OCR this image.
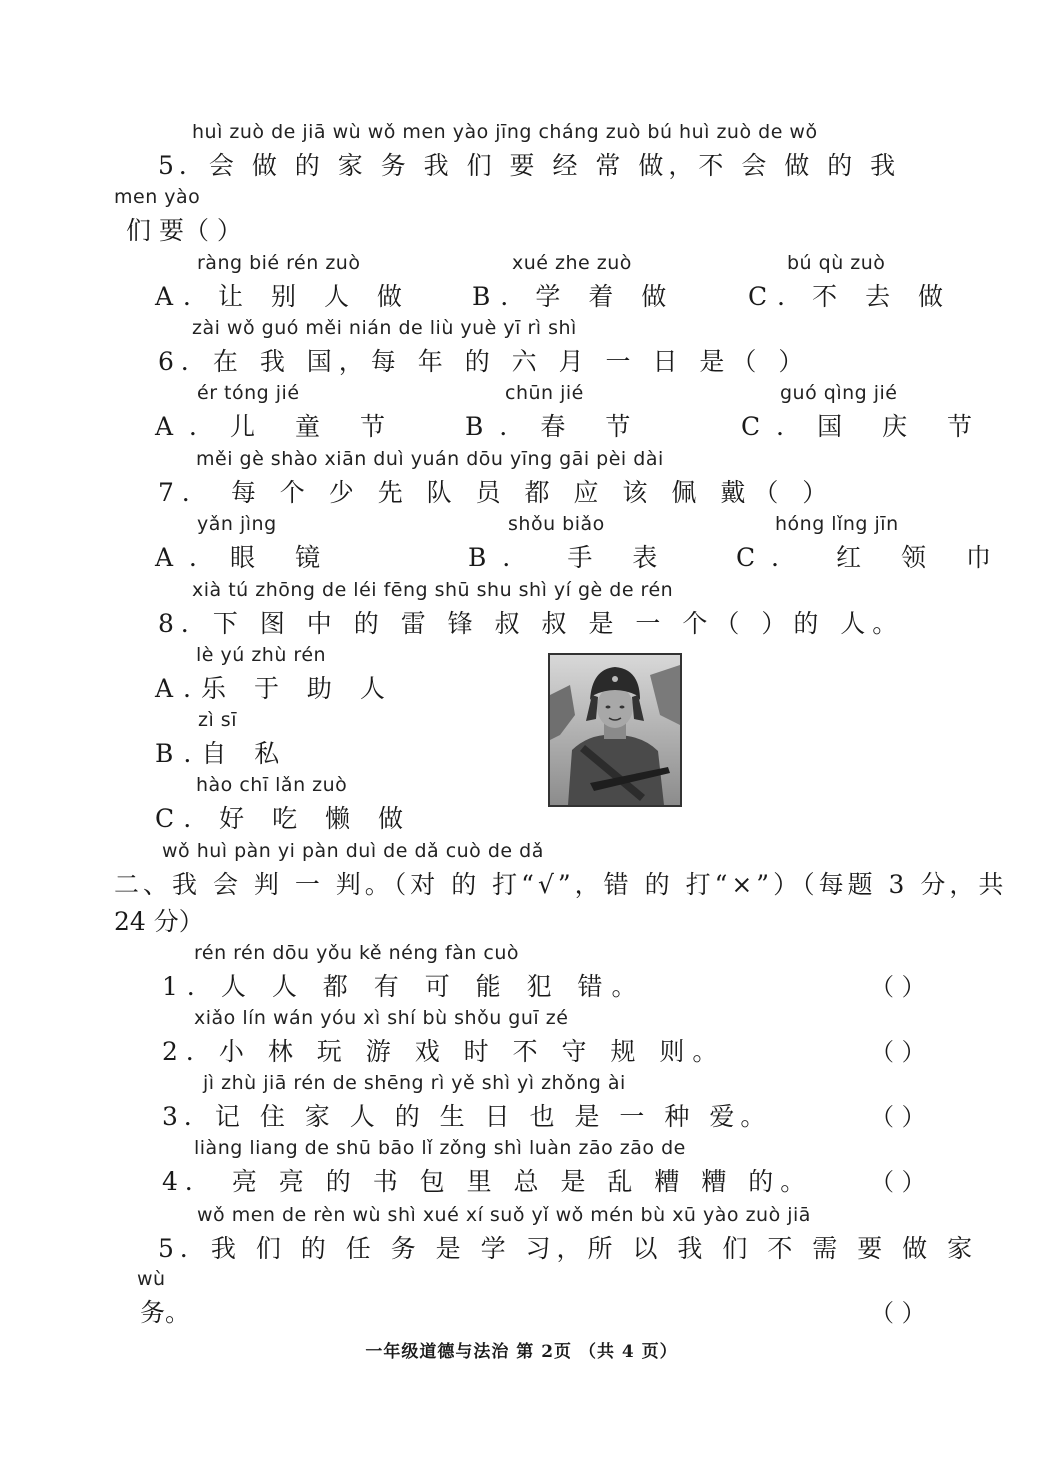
huì zuò de jiā wù wǒ men yào jīng cháng zuò bú huì zuò de wǒ
5．会 做 的 家 务 我 们 要 经 常 做，不 会 做 的 我
men yào
们 要（ ）
ràng bié rén zuò	xué zhe zuò	bú qù zuò
A．让 别 人 做 B．学 着 做	C．不 去 做
zài wǒ guó měi nián de liù yuè yī rì shì
6．在 我 国，每 年 的 六 月 一 日 是（ ）
ér tóng jié	chūn jié	guó qìng jié
A．儿 童 节	B．春 节	C．国 庆 节
měi gè shào xiān duì yuán dōu yīng gāi pèi dài
7． 每 个 少 先 队 员 都 应 该 佩 戴（ ）
yǎn jìng	shǒu biǎo	hóng lǐng jīn
A．眼 镜	B． 手 表	C． 红 领 巾
xià tú zhōng de léi fēng shū shu shì yí gè de rén
8．下 图 中 的 雷 锋 叔 叔 是 一 个（ ）的 人。
lè yú zhù rén
A.乐 于 助 人
zì sī
B.自 私
hào chī lǎn zuò
C. 好 吃 懒 做
wǒ huì pàn yi pàn duì de dǎ cuò de dǎ
二、我 会 判 一 判。（对 的 打“√”，错 的 打“×”）（每题 3 分，共
24 分）
rén rén dōu yǒu kě néng fàn cuò
1．人 人 都 有 可 能 犯 错。	（ ）
xiǎo lín wán yóu xì shí bù shǒu guī zé
2．小 林 玩 游 戏 时 不 守 规 则。	（ ）
jì zhù jiā rén de shēng rì yě shì yì zhǒng ài
3．记 住 家 人 的 生 日 也 是 一 种 爱。	（ ）
liàng liang de shū bāo lǐ zǒng shì luàn zāo zāo de
4． 亮 亮 的 书 包 里 总 是 乱 糟 糟 的。 （ ）
wǒ men de rèn wù shì xué xí suǒ yǐ wǒ mén bù xū yào zuò jiā
5．我 们 的 任 务 是 学 习，所 以 我 们 不 需 要 做 家
wù
务。	（ ）
一年级道德与法治 第 2页 （共 4 页）
